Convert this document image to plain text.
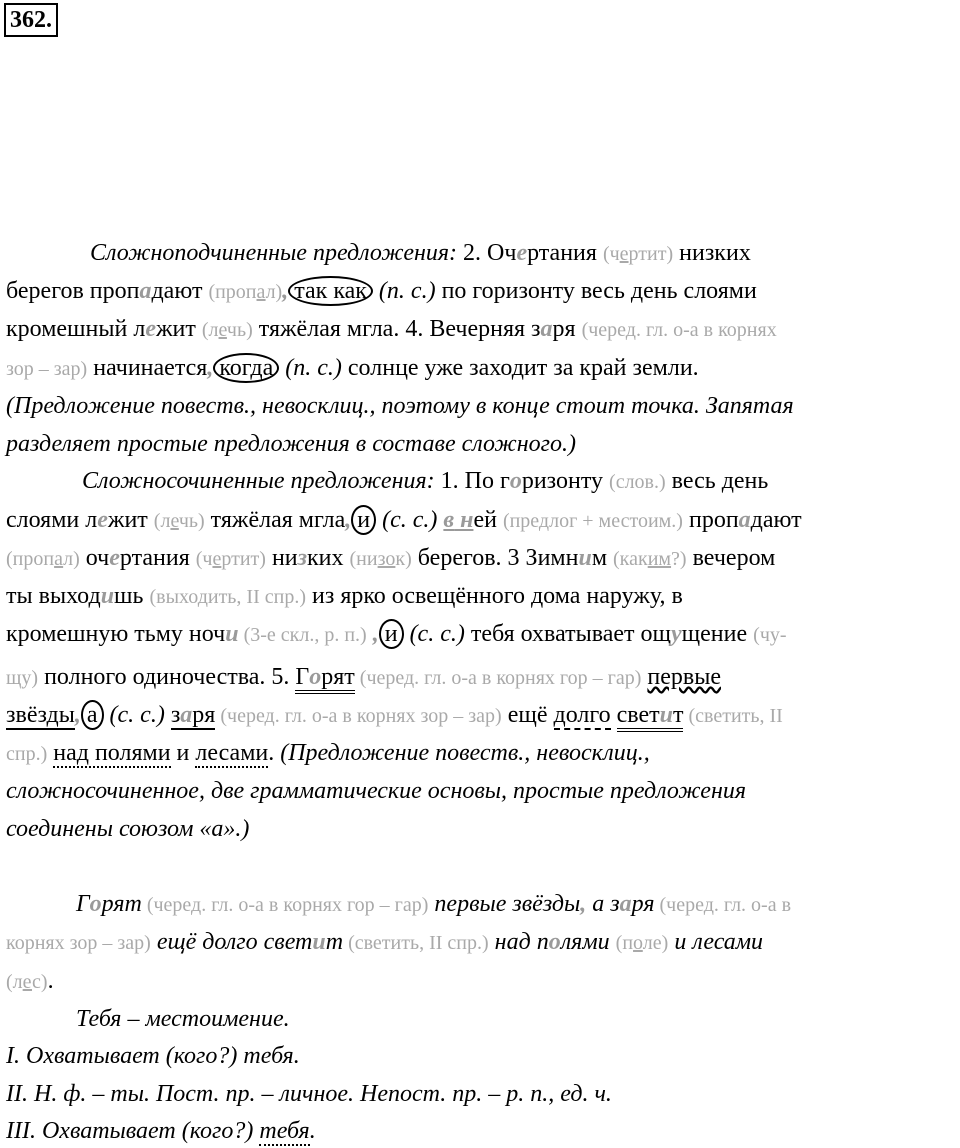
362.
Сложноподчиненные предложения: 2. Очертания (чертит) низких
берегов пропадают (пропал), так как (п. с.) по горизонту весь день слоями
кромешный лежит (лечь) тяжёлая мгла. 4. Вечерняя заря (черед. гл. о-а в корнях
зор – зар) начинается, когда (п. с.) солнце уже заходит за край земли.
(Предложение повеств., невосклиц., поэтому в конце стоит точка. Запятая
разделяет простые предложения в составе сложного.)
Сложносочиненные предложения: 1. По горизонту (слов.) весь день
слоями лежит (лечь) тяжёлая мгла, и (с. с.) в ней (предлог + местоим.) пропадают
(пропал) очертания (чертит) низких (низок) берегов. 3 Зимним (каким?) вечером
ты выходишь (выходить, II спр.) из ярко освещённого дома наружу, в
кромешную тьму ночи (3-е скл., р. п.) , и (с. с.) тебя охватывает ощущение (чу-
щу) полного одиночества. 5. Горят (черед. гл. о-а в корнях гор – гар) первые
звёзды, а (с. с.) заря (черед. гл. о-а в корнях зор – зар) ещё долго светит (светить, II
спр.) над полями и лесами. (Предложение повеств., невосклиц.,
сложносочиненное, две грамматические основы, простые предложения
соединены союзом «а».)
Горят (черед. гл. о-а в корнях гор – гар) первые звёзды, а заря (черед. гл. о-а в
корнях зор – зар) ещё долго светит (светить, II спр.) над полями (поле) и лесами
(лес).
Тебя – местоимение.
I. Охватывает (кого?) тебя.
II. Н. ф. – ты. Пост. пр. – личное. Непост. пр. – р. п., ед. ч.
III. Охватывает (кого?) тебя.
